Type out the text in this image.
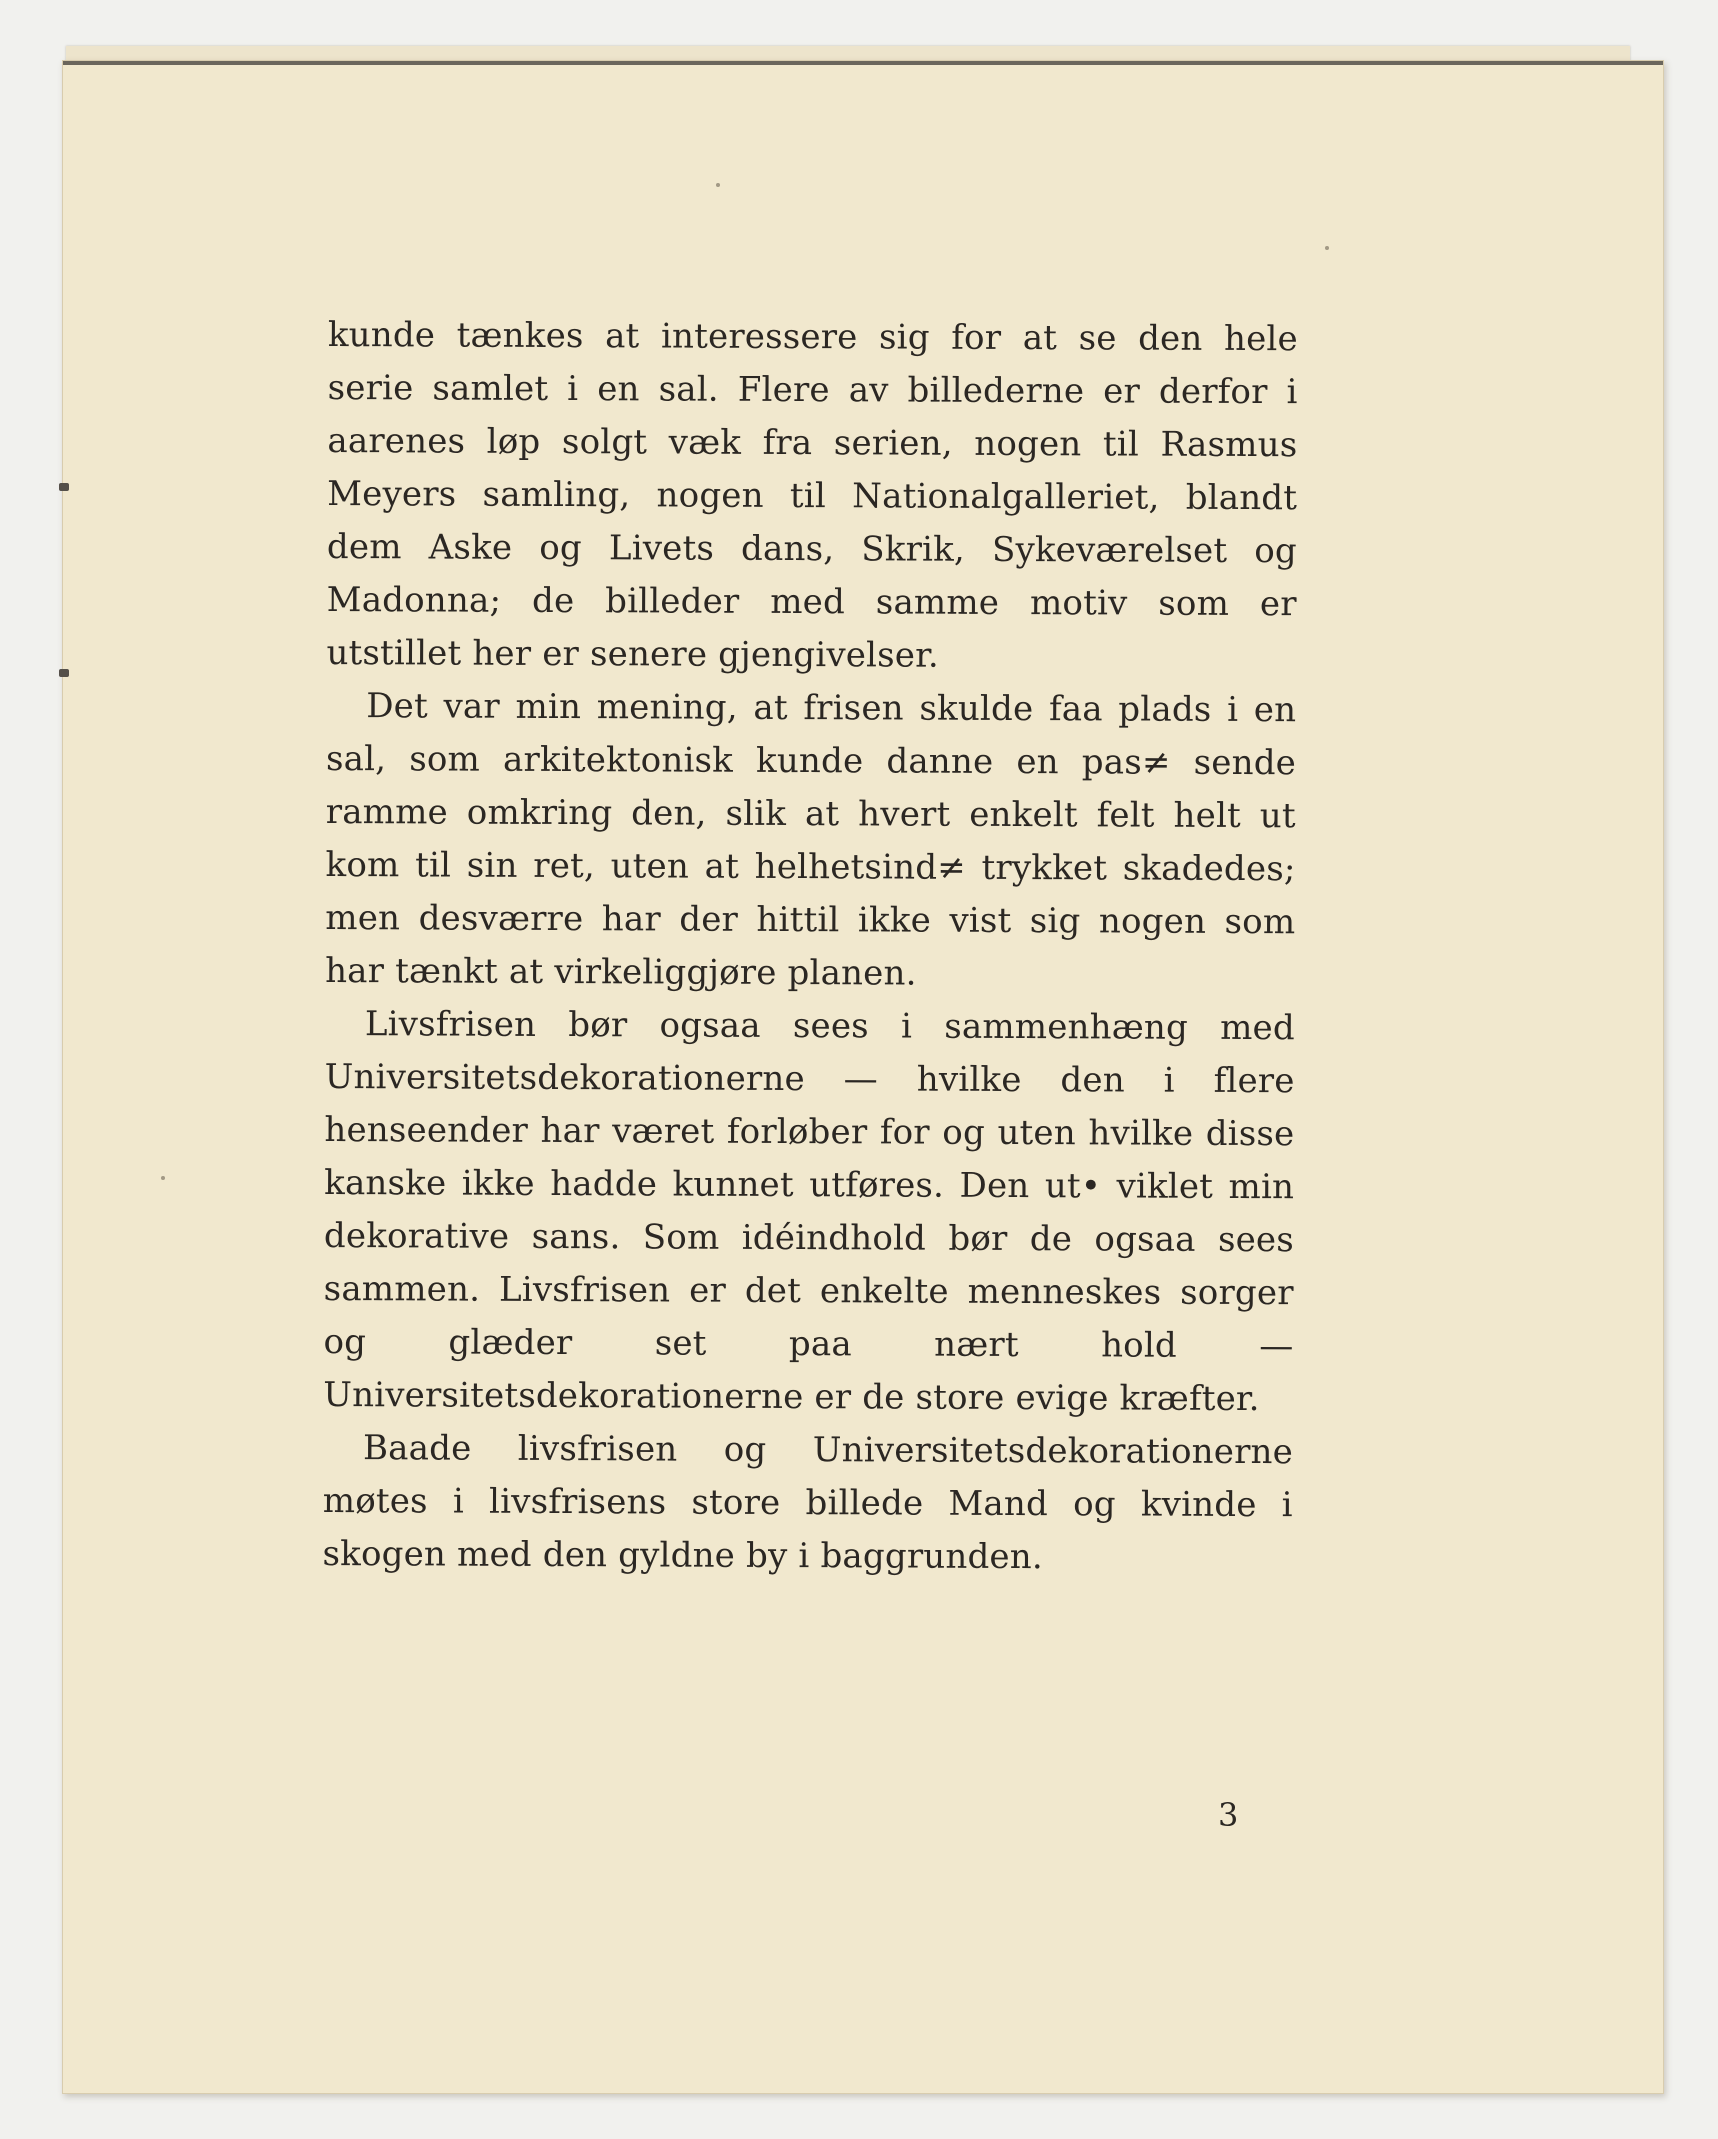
kunde tænkes at interessere sig for at se den hele serie samlet i en sal. Flere av billederne er derfor i aarenes løp solgt væk fra serien, nogen til Rasmus Meyers samling, nogen til Nationalgalleriet, blandt dem Aske og Livets dans, Skrik, Sykeværelset og Madonna; de billeder med samme motiv som er utstillet her er senere gjengivelser.

Det var min mening, at frisen skulde faa plads i en sal, som arkitektonisk kunde danne en pas≠ sende ramme omkring den, slik at hvert enkelt felt helt ut kom til sin ret, uten at helhetsind≠ trykket skadedes; men desværre har der hittil ikke vist sig nogen som har tænkt at virkeliggjøre planen.

Livsfrisen bør ogsaa sees i sammenhæng med Universitetsdekorationerne — hvilke den i flere henseender har været forløber for og uten hvilke disse kanske ikke hadde kunnet utføres. Den ut• viklet min dekorative sans. Som idéindhold bør de ogsaa sees sammen. Livsfrisen er det enkelte menneskes sorger og glæder set paa nært hold — Universitetsdekorationerne er de store evige kræfter.

Baade livsfrisen og Universitetsdekorationerne møtes i livsfrisens store billede Mand og kvinde i skogen med den gyldne by i baggrunden.

3
